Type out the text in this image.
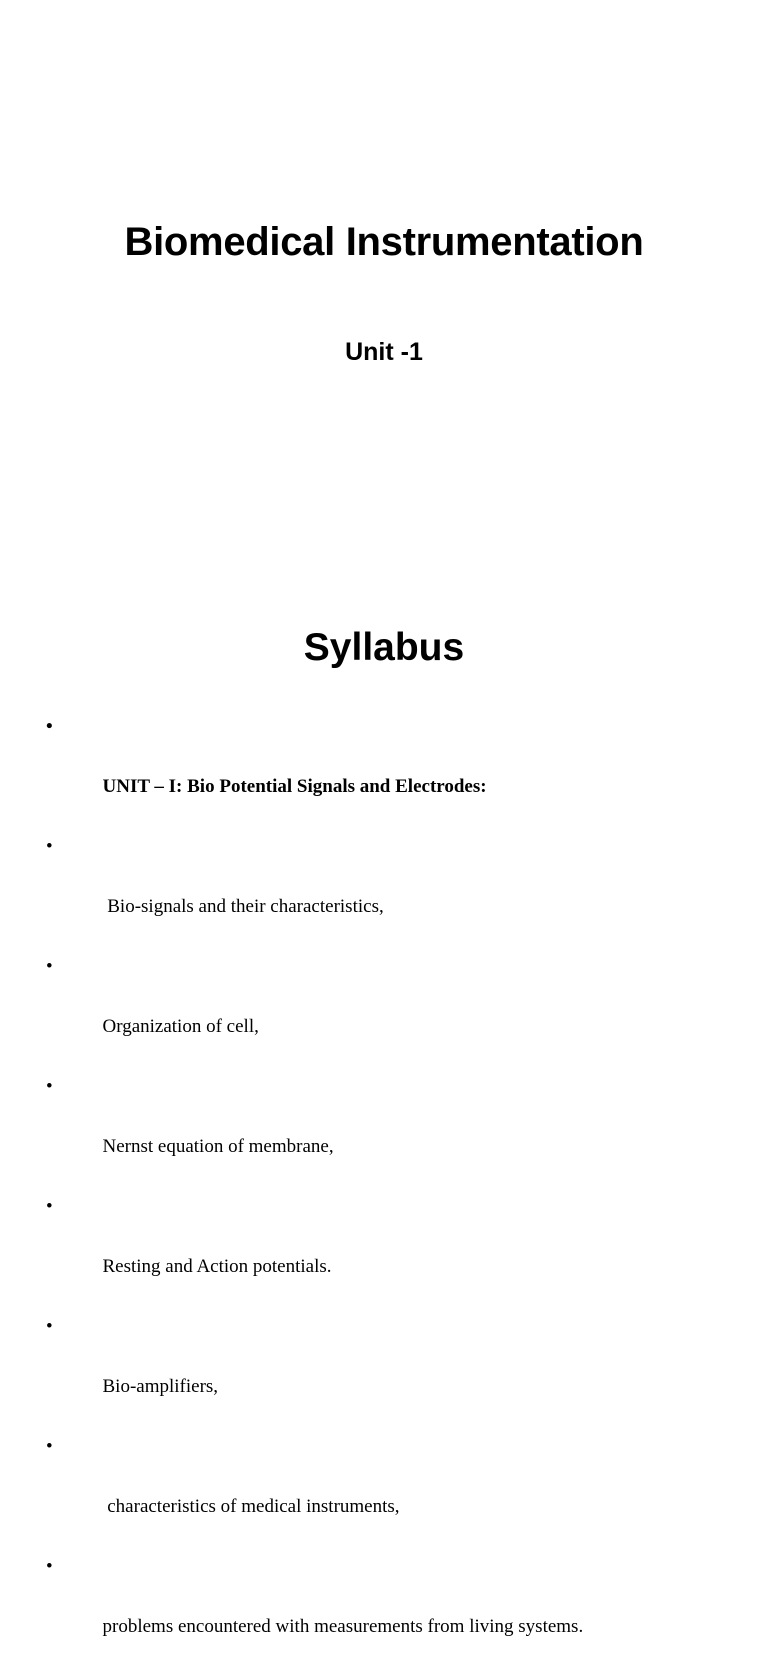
Biomedical Instrumentation
Unit -1
Syllabus

•

UNIT – I: Bio Potential Signals and Electrodes:

•

Bio-signals and their characteristics,

•

Organization of cell,

•

Nernst equation of membrane,

•

Resting and Action potentials.

•

Bio-amplifiers,

•

characteristics of medical instruments,

•

problems encountered with measurements from living systems.
